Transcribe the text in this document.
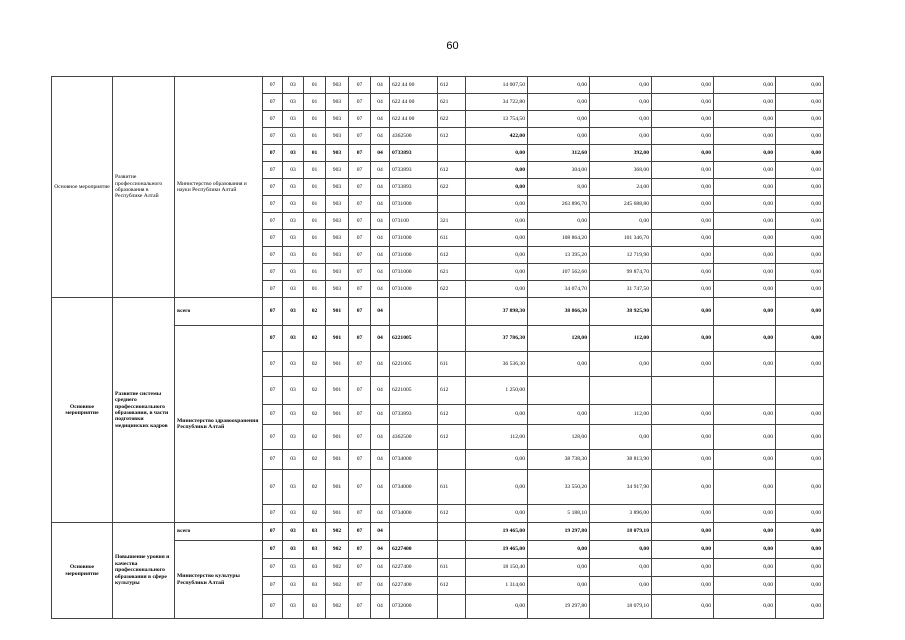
60
Основное мероприятие	Развитие профессионального образования в Республике Алтай	Министерство образования и науки Республики Алтай	07	03	01	903	07	04	622 44 00	612	14 007,50	0,00	0,00	0,00	0,00	0,00
			07	03	01	903	07	04	622 44 00	621	34 722,80	0,00	0,00	0,00	0,00	0,00
			07	03	01	903	07	04	622 44 00	622	13 754,50	0,00	0,00	0,00	0,00	0,00
			07	03	01	903	07	04	4362500	612	422,00	0,00	0,00	0,00	0,00	0,00
			07	03	01	903	07	04	0733893		0,00	312,60	392,00	0,00	0,00	0,00
			07	03	01	903	07	04	0733893	612	0,00	304,00	368,00	0,00	0,00	0,00
			07	03	01	903	07	04	0733893	622	0,00	8,00	24,00	0,00	0,00	0,00
			07	03	01	903	07	04	0731000		0,00	263 896,70	245 688,80	0,00	0,00	0,00
			07	03	01	903	07	04	073100	321	0,00	0,00	0,00	0,00	0,00	0,00
			07	03	01	903	07	04	0731000	611	0,00	108 864,20	101 346,70	0,00	0,00	0,00
			07	03	01	903	07	04	0731000	612	0,00	13 395,20	12 719,90	0,00	0,00	0,00
			07	03	01	903	07	04	0731000	621	0,00	107 562,60	99 874,70	0,00	0,00	0,00
			07	03	01	903	07	04	0731000	622	0,00	34 074,70	31 747,50	0,00	0,00	0,00
Основное мероприятие	Развитие системы среднего профессионального образования, в части подготовки медицинских кадров	всего	07	03	02	901	07	04			37 898,30	38 866,30	38 925,90	0,00	0,00	0,00
		Министерство здравоохранения Республики Алтай	07	03	02	901	07	04	6221005		37 786,30	128,00	112,00	0,00	0,00	0,00
			07	03	02	901	07	04	6221005	611	36 536,30	0,00	0,00	0,00	0,00	0,00
			07	03	02	901	07	04	6221005	612	1 250,00					
			07	03	02	901	07	04	0733893	612	0,00	0,00	112,00	0,00	0,00	0,00
			07	03	02	901	07	04	4362500	612	112,00	128,00	0,00	0,00	0,00	0,00
			07	03	02	901	07	04	0734000		0,00	38 738,30	38 813,90	0,00	0,00	0,00
			07	03	02	901	07	04	0734000	611	0,00	33 550,20	34 917,90	0,00	0,00	0,00
			07	03	02	901	07	04	0734000	612	0,00	5 188,10	3 896,00	0,00	0,00	0,00
Основное мероприятие	Повышение уровня и качества профессионального образования в сфере культуры	всего	07	03	03	902	07	04			19 465,00	19 297,80	18 079,10	0,00	0,00	0,00
		Министерство культуры Республики Алтай	07	03	03	902	07	04	6227400		19 465,00	0,00	0,00	0,00	0,00	0,00
			07	03	03	902	07	04	6227400	611	18 150,40	0,00	0,00	0,00	0,00	0,00
			07	03	03	902	07	04	6227400	612	1 314,60	0,00	0,00	0,00	0,00	0,00
			07	03	03	902	07	04	0732000		0,00	19 297,80	18 079,10	0,00	0,00	0,00
